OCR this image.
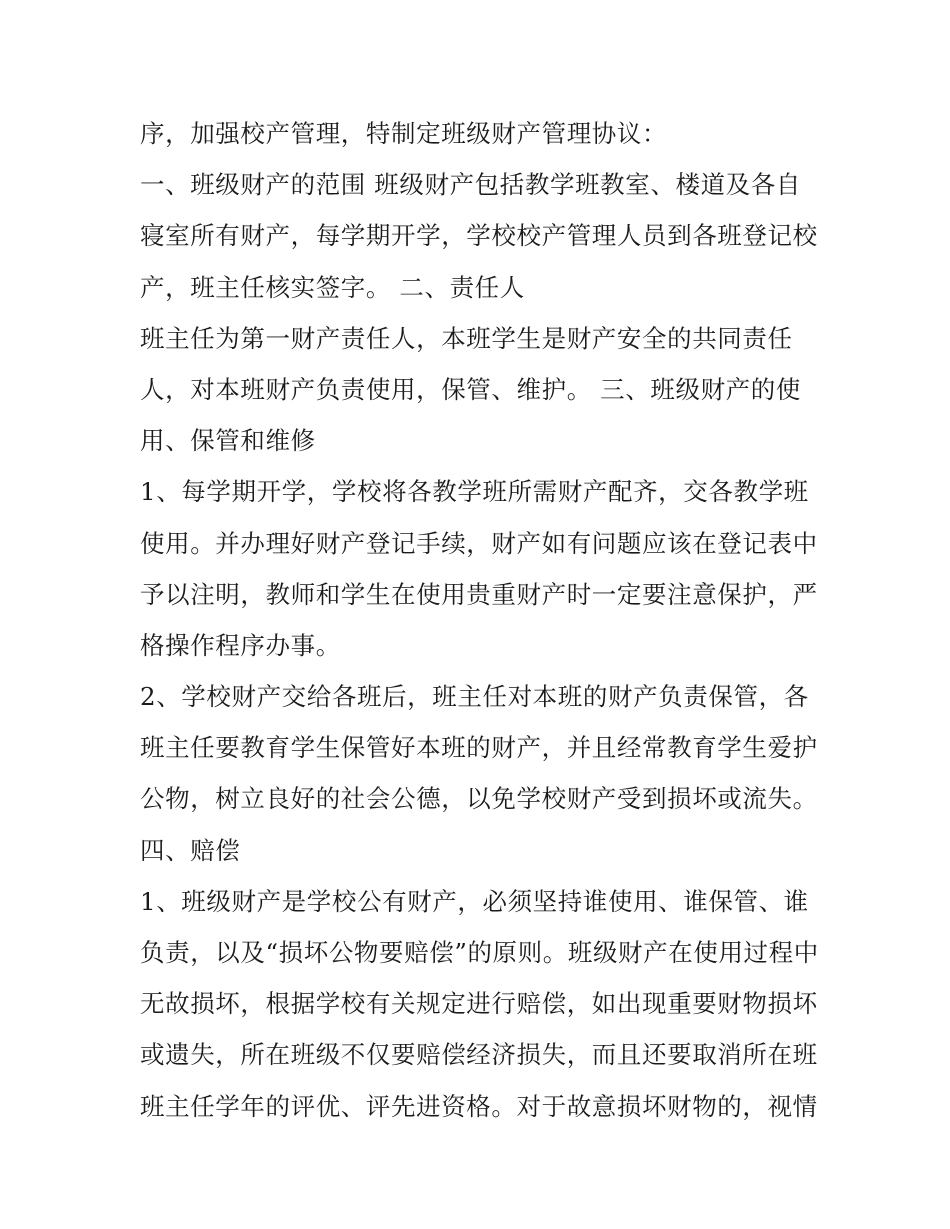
序，加强校产管理，特制定班级财产管理协议：
一、班级财产的范围 班级财产包括教学班教室、楼道及各自
寝室所有财产，每学期开学，学校校产管理人员到各班登记校
产，班主任核实签字。 二、责任人
班主任为第一财产责任人，本班学生是财产安全的共同责任
人，对本班财产负责使用，保管、维护。 三、班级财产的使
用、保管和维修
1、每学期开学，学校将各教学班所需财产配齐，交各教学班
使用。并办理好财产登记手续，财产如有问题应该在登记表中
予以注明，教师和学生在使用贵重财产时一定要注意保护，严
格操作程序办事。
2、学校财产交给各班后，班主任对本班的财产负责保管，各
班主任要教育学生保管好本班的财产，并且经常教育学生爱护
公物，树立良好的社会公德，以免学校财产受到损坏或流失。
四、赔偿
1、班级财产是学校公有财产，必须坚持谁使用、谁保管、谁
负责，以及“损坏公物要赔偿”的原则。班级财产在使用过程中
无故损坏，根据学校有关规定进行赔偿，如出现重要财物损坏
或遗失，所在班级不仅要赔偿经济损失，而且还要取消所在班
班主任学年的评优、评先进资格。对于故意损坏财物的，视情
